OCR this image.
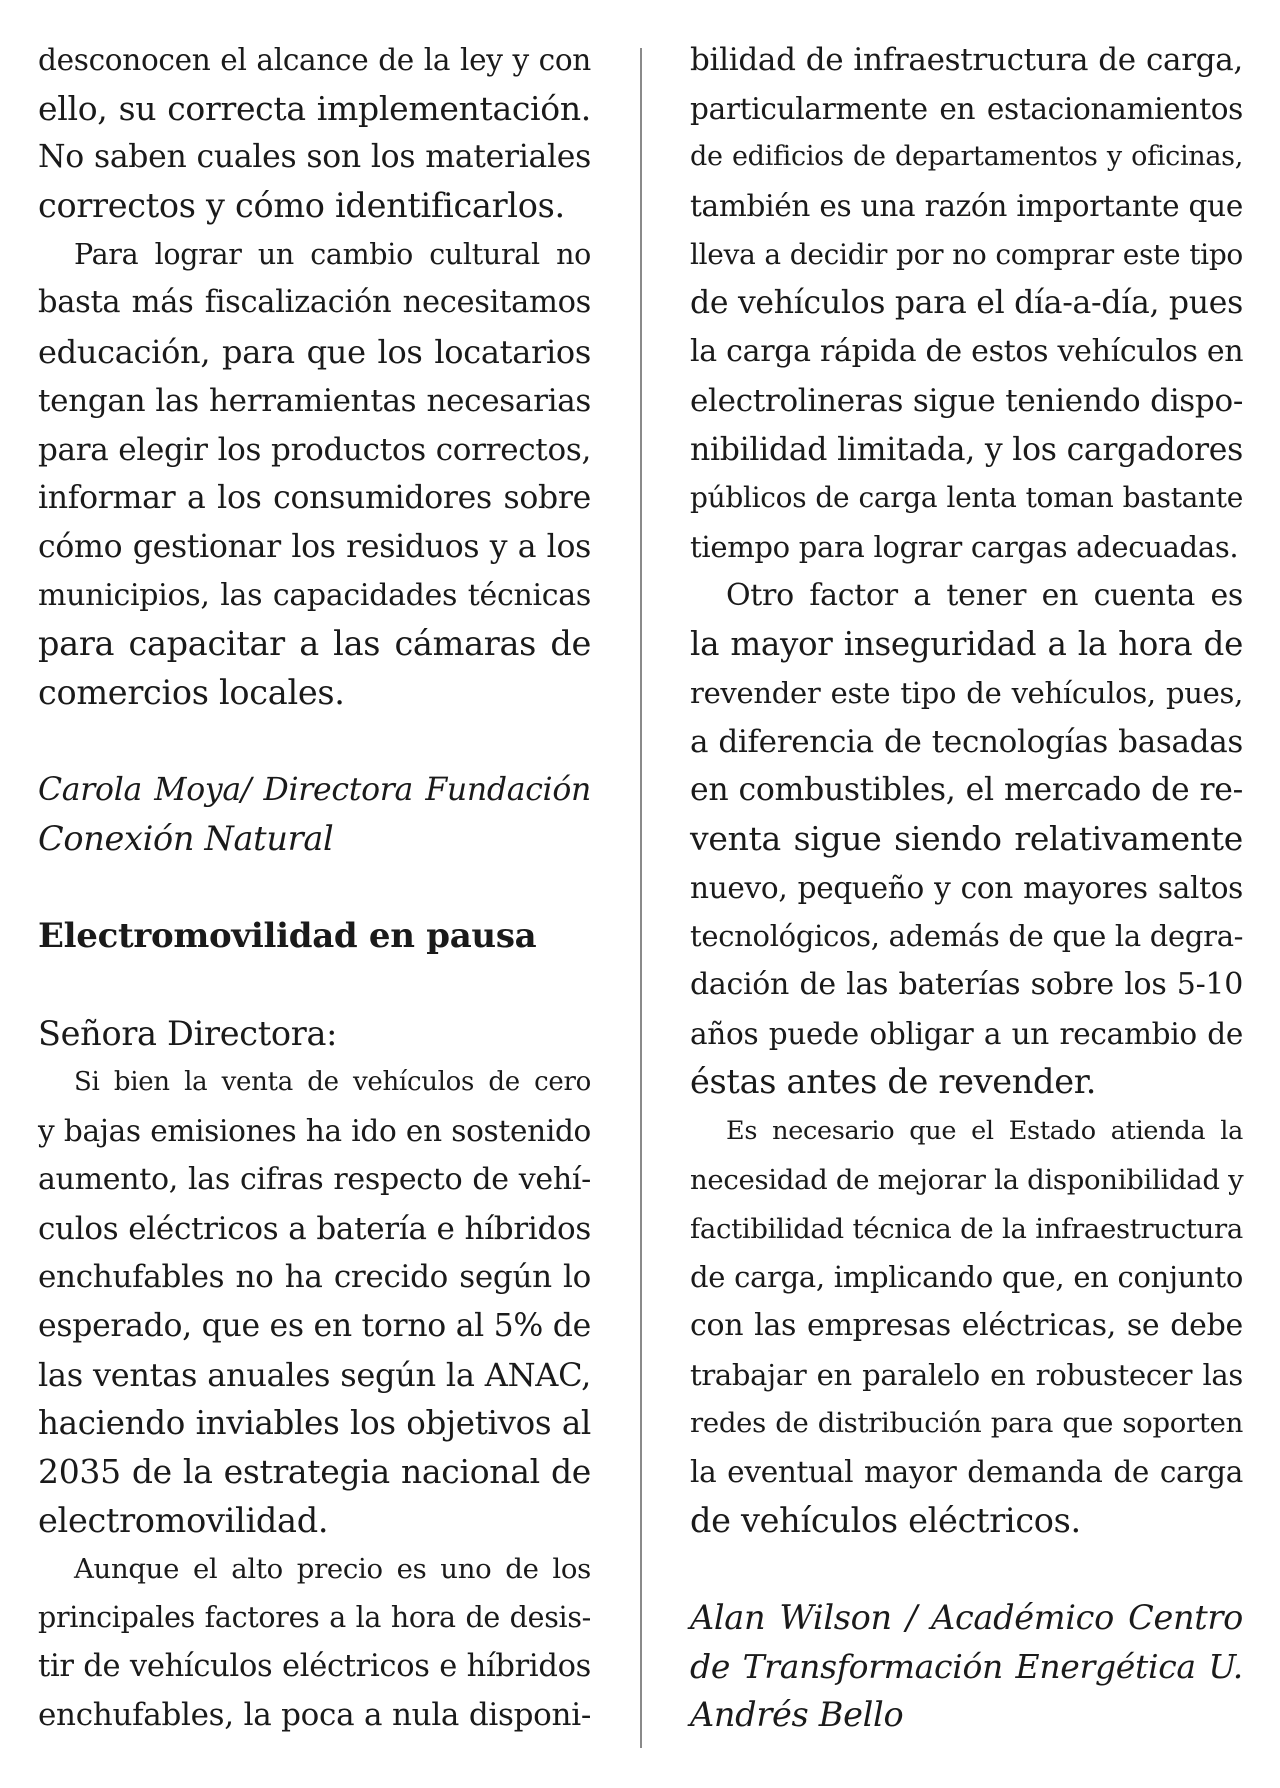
desconocen el alcance de la ley y con
ello, su correcta implementación.
No saben cuales son los materiales
correctos y cómo identificarlos.
Para lograr un cambio cultural no
basta más fiscalización necesitamos
educación, para que los locatarios
tengan las herramientas necesarias
para elegir los productos correctos,
informar a los consumidores sobre
cómo gestionar los residuos y a los
municipios, las capacidades técnicas
para capacitar a las cámaras de
comercios locales.
Carola Moya/ Directora Fundación
Conexión Natural
Electromovilidad en pausa
Señora Directora:
Si bien la venta de vehículos de cero
y bajas emisiones ha ido en sostenido
aumento, las cifras respecto de vehí-
culos eléctricos a batería e híbridos
enchufables no ha crecido según lo
esperado, que es en torno al 5% de
las ventas anuales según la ANAC,
haciendo inviables los objetivos al
2035 de la estrategia nacional de
electromovilidad.
Aunque el alto precio es uno de los
principales factores a la hora de desis-
tir de vehículos eléctricos e híbridos
enchufables, la poca a nula disponi-
bilidad de infraestructura de carga,
particularmente en estacionamientos
de edificios de departamentos y oficinas,
también es una razón importante que
lleva a decidir por no comprar este tipo
de vehículos para el día-a-día, pues
la carga rápida de estos vehículos en
electrolineras sigue teniendo dispo-
nibilidad limitada, y los cargadores
públicos de carga lenta toman bastante
tiempo para lograr cargas adecuadas.
Otro factor a tener en cuenta es
la mayor inseguridad a la hora de
revender este tipo de vehículos, pues,
a diferencia de tecnologías basadas
en combustibles, el mercado de re-
venta sigue siendo relativamente
nuevo, pequeño y con mayores saltos
tecnológicos, además de que la degra-
dación de las baterías sobre los 5-10
años puede obligar a un recambio de
éstas antes de revender.
Es necesario que el Estado atienda la
necesidad de mejorar la disponibilidad y
factibilidad técnica de la infraestructura
de carga, implicando que, en conjunto
con las empresas eléctricas, se debe
trabajar en paralelo en robustecer las
redes de distribución para que soporten
la eventual mayor demanda de carga
de vehículos eléctricos.
Alan Wilson / Académico Centro
de Transformación Energética U.
Andrés Bello
